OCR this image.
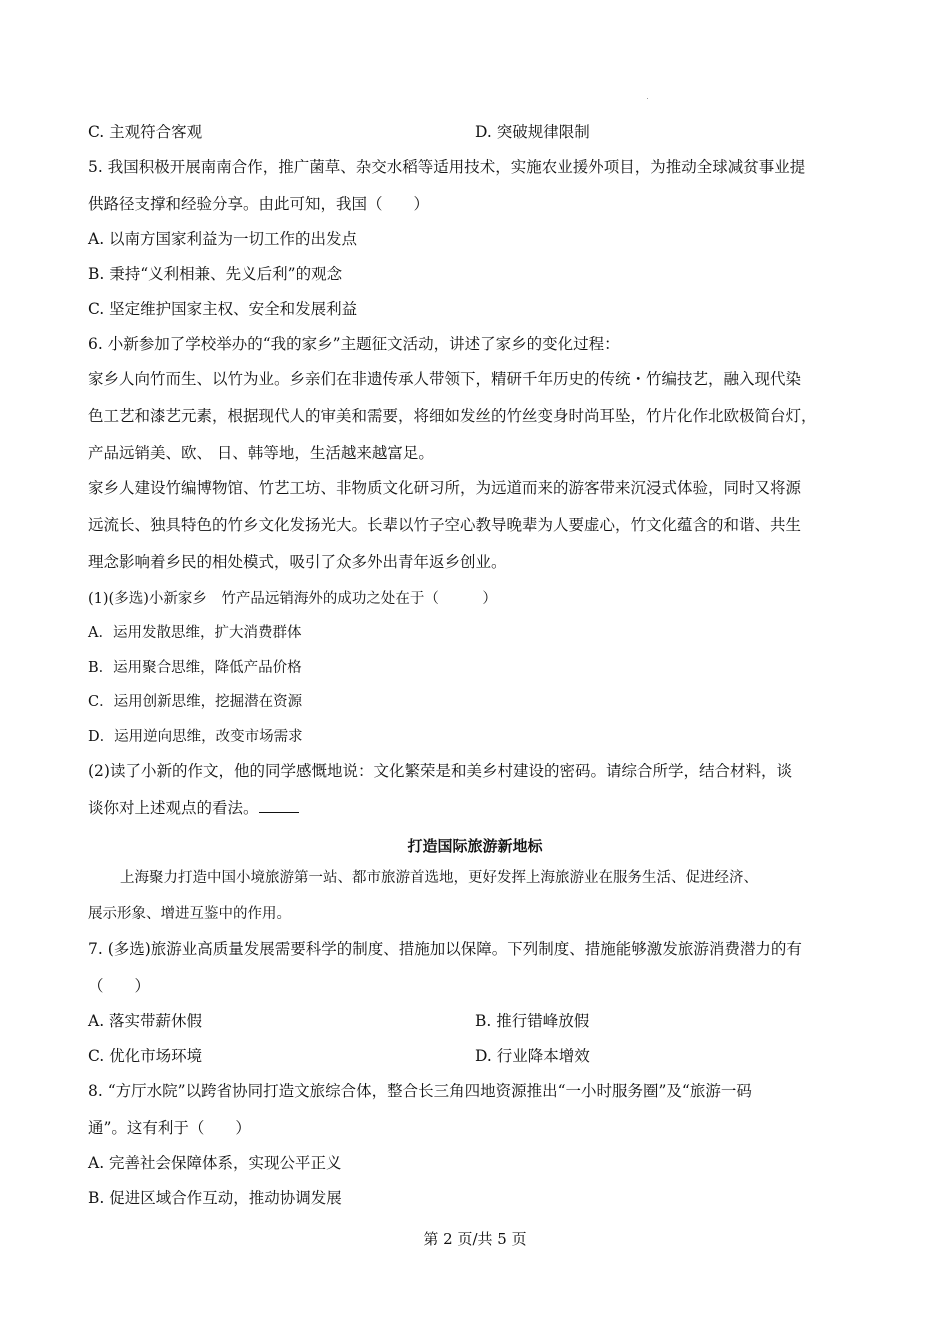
C. 主观符合客观	D. 突破规律限制
5. 我国积极开展南南合作，推广菌草、杂交水稻等适用技术，实施农业援外项目，为推动全球减贫事业提
供路径支撑和经验分享。由此可知，我国（　　）
A. 以南方国家利益为一切工作的出发点
B. 秉持“义利相兼、先义后利”的观念
C. 坚定维护国家主权、安全和发展利益
6. 小新参加了学校举办的“我的家乡”主题征文活动，讲述了家乡的变化过程：
家乡人向竹而生、以竹为业。乡亲们在非遗传承人带领下，精研千年历史的传统・竹编技艺，融入现代染
色工艺和漆艺元素，根据现代人的审美和需要，将细如发丝的竹丝变身时尚耳坠，竹片化作北欧极简台灯，
产品远销美、欧、 日、韩等地，生活越来越富足。
家乡人建设竹编博物馆、竹艺工坊、非物质文化研习所，为远道而来的游客带来沉浸式体验，同时又将源
远流长、独具特色的竹乡文化发扬光大。长辈以竹子空心教导晚辈为人要虚心，竹文化蕴含的和谐、共生
理念影响着乡民的相处模式，吸引了众多外出青年返乡创业。
(1)(多选)小新家乡　竹产品远销海外的成功之处在于（　　　）
A．运用发散思维，扩大消费群体
B．运用聚合思维，降低产品价格
C．运用创新思维，挖掘潜在资源
D．运用逆向思维，改变市场需求
(2)读了小新的作文，他的同学感慨地说：文化繁荣是和美乡村建设的密码。请综合所学，结合材料，谈
谈你对上述观点的看法。
打造国际旅游新地标
上海聚力打造中国小境旅游第一站、都市旅游首选地，更好发挥上海旅游业在服务生活、促进经济、
展示形象、增进互鉴中的作用。
7. (多选)旅游业高质量发展需要科学的制度、措施加以保障。下列制度、措施能够激发旅游消费潜力的有
（　　）
A. 落实带薪休假	B. 推行错峰放假
C. 优化市场环境	D. 行业降本增效
8. “方厅水院”以跨省协同打造文旅综合体，整合长三角四地资源推出“一小时服务圈”及“旅游一码
通”。这有利于（　　）
A. 完善社会保障体系，实现公平正义
B. 促进区域合作互动，推动协调发展
第 2 页/共 5 页
